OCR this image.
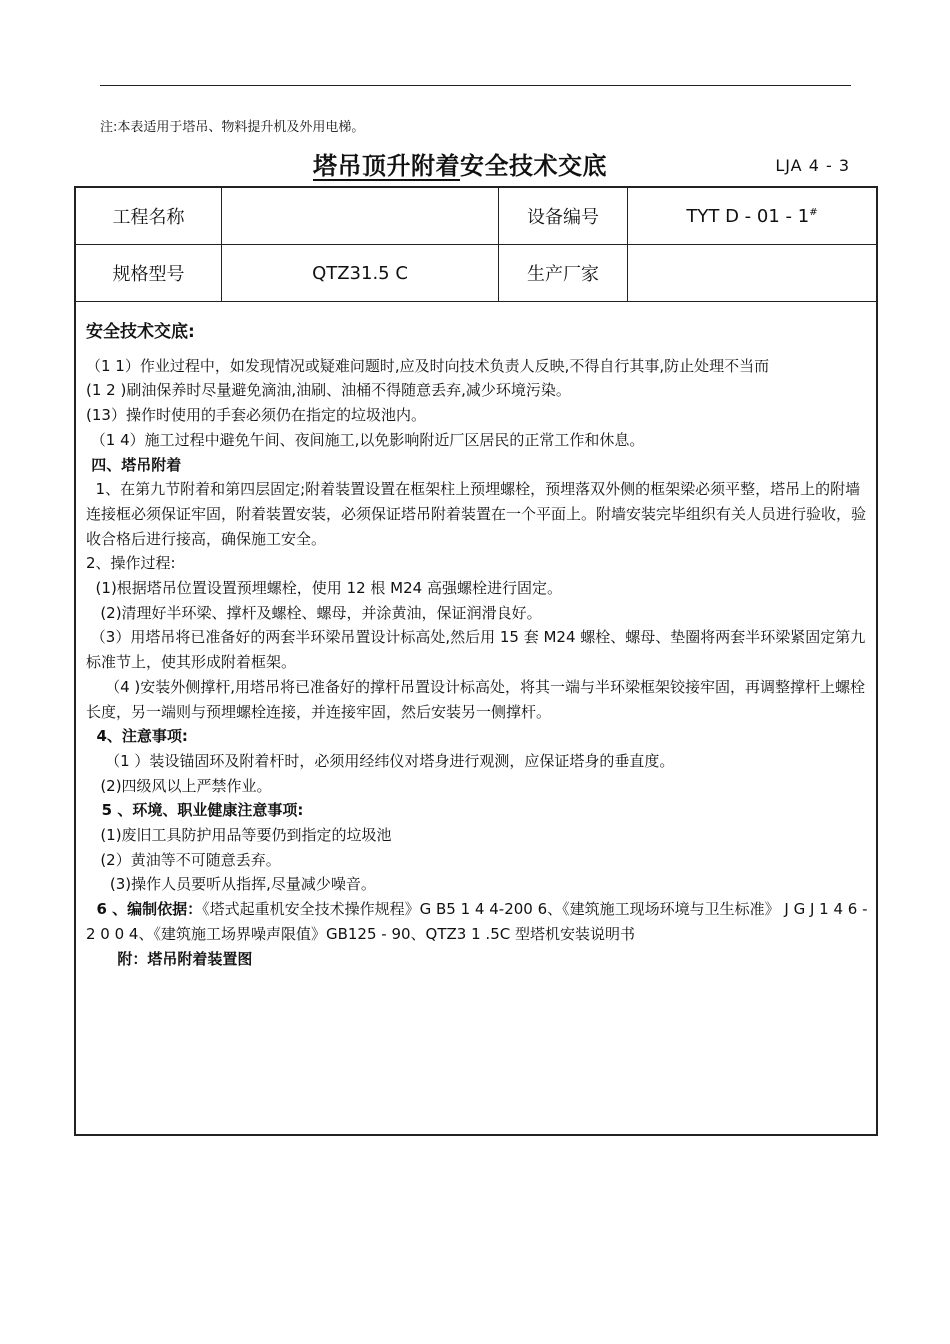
注:本表适用于塔吊、物料提升机及外用电梯。
塔吊顶升附着安全技术交底	LJA 4 - 3
工程名称		设备编号	TYT D - 01 - 1#
规格型号	QTZ31.5 C	生产厂家	
安全技术交底:
（1 1）作业过程中，如发现情况或疑难问题时,应及时向技术负责人反映,不得自行其事,防止处理不当而
(1 2 )刷油保养时尽量避免滴油,油刷、油桶不得随意丢弃,减少环境污染。
(13）操作时使用的手套必须仍在指定的垃圾池内。
（1 4）施工过程中避免午间、夜间施工,以免影响附近厂区居民的正常工作和休息。
四、塔吊附着
1、在第九节附着和第四层固定;附着装置设置在框架柱上预埋螺栓，预埋落双外侧的框架梁必须平整，塔吊上的附墙连接框必须保证牢固，附着装置安装，必须保证塔吊附着装置在一个平面上。附墙安装完毕组织有关人员进行验收，验收合格后进行接高，确保施工安全。
2、操作过程:
(1)根据塔吊位置设置预埋螺栓，使用 12 根 M24 高强螺栓进行固定。
(2)清理好半环梁、撑杆及螺栓、螺母，并涂黄油，保证润滑良好。
（3）用塔吊将已准备好的两套半环梁吊置设计标高处,然后用 15 套 M24 螺栓、螺母、垫圈将两套半环梁紧固定第九标准节上，使其形成附着框架。
（4 )安装外侧撑杆,用塔吊将已准备好的撑杆吊置设计标高处，将其一端与半环梁框架铰接牢固，再调整撑杆上螺栓长度，另一端则与预埋螺栓连接，并连接牢固，然后安装另一侧撑杆。
4、注意事项:
（1 ）装设锚固环及附着杆时，必须用经纬仪对塔身进行观测，应保证塔身的垂直度。
(2)四级风以上严禁作业。
5 、环境、职业健康注意事项:
(1)废旧工具防护用品等要仍到指定的垃圾池
(2）黄油等不可随意丢弃。
(3)操作人员要听从指挥,尽量减少噪音。
6 、编制依据：《塔式起重机安全技术操作规程》G B5 1 4 4-200 6、《建筑施工现场环境与卫生标准》 J G J 1 4 6 - 2 0 0 4、《建筑施工场界噪声限值》GB125 - 90、QTZ3 1 .5C 型塔机安装说明书
附：塔吊附着装置图
